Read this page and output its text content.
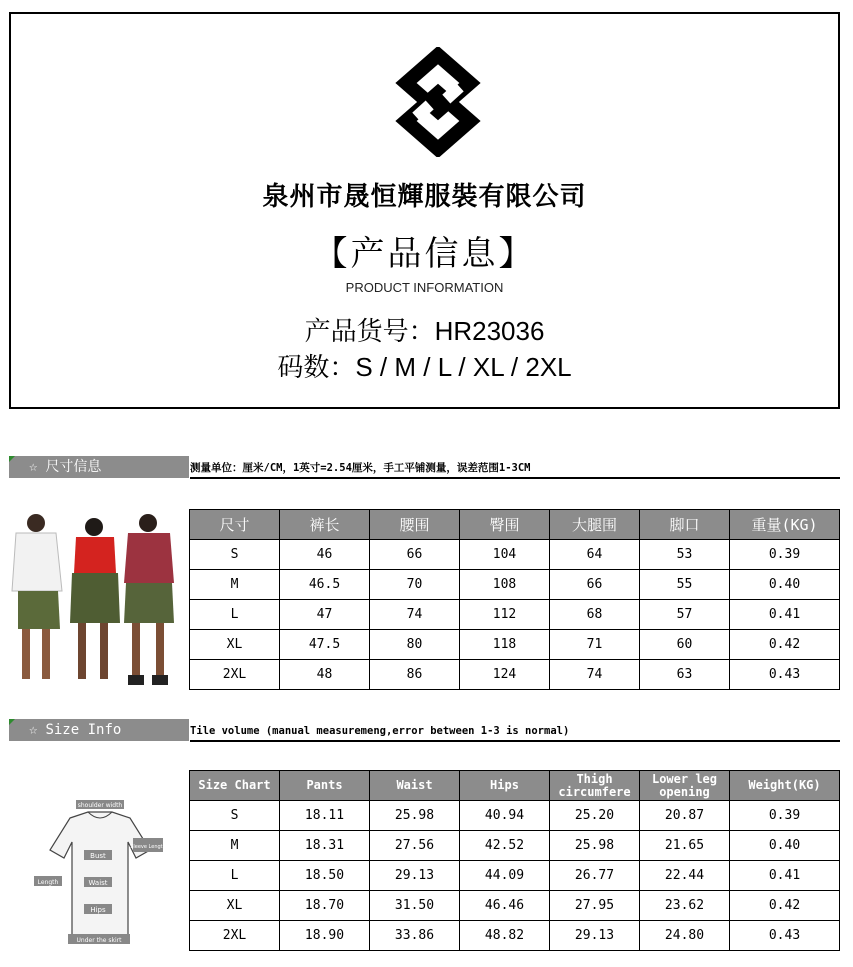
泉州市晟恒輝服裝有限公司
【产品信息】
PRODUCT INFORMATION
产品货号：HR23036
码数：S / M / L / XL / 2XL
☆ 尺寸信息	测量单位：厘米/CM，1英寸=2.54厘米，手工平铺测量，误差范围1-3CM
尺寸	裤长	腰围	臀围	大腿围	脚口	重量(KG)
S	46	66	104	64	53	0.39
M	46.5	70	108	66	55	0.40
L	47	74	112	68	57	0.41
XL	47.5	80	118	71	60	0.42
2XL	48	86	124	74	63	0.43
☆ Size Info	Tile volume (manual measuremeng,error between 1-3 is normal)
shoulder width
Sleeve Length
Bust
Waist
Hips
Length
Under the skirt
Size Chart	Pants	Waist	Hips	Thigh circumfere	Lower leg opening	Weight(KG)
S	18.11	25.98	40.94	25.20	20.87	0.39
M	18.31	27.56	42.52	25.98	21.65	0.40
L	18.50	29.13	44.09	26.77	22.44	0.41
XL	18.70	31.50	46.46	27.95	23.62	0.42
2XL	18.90	33.86	48.82	29.13	24.80	0.43
